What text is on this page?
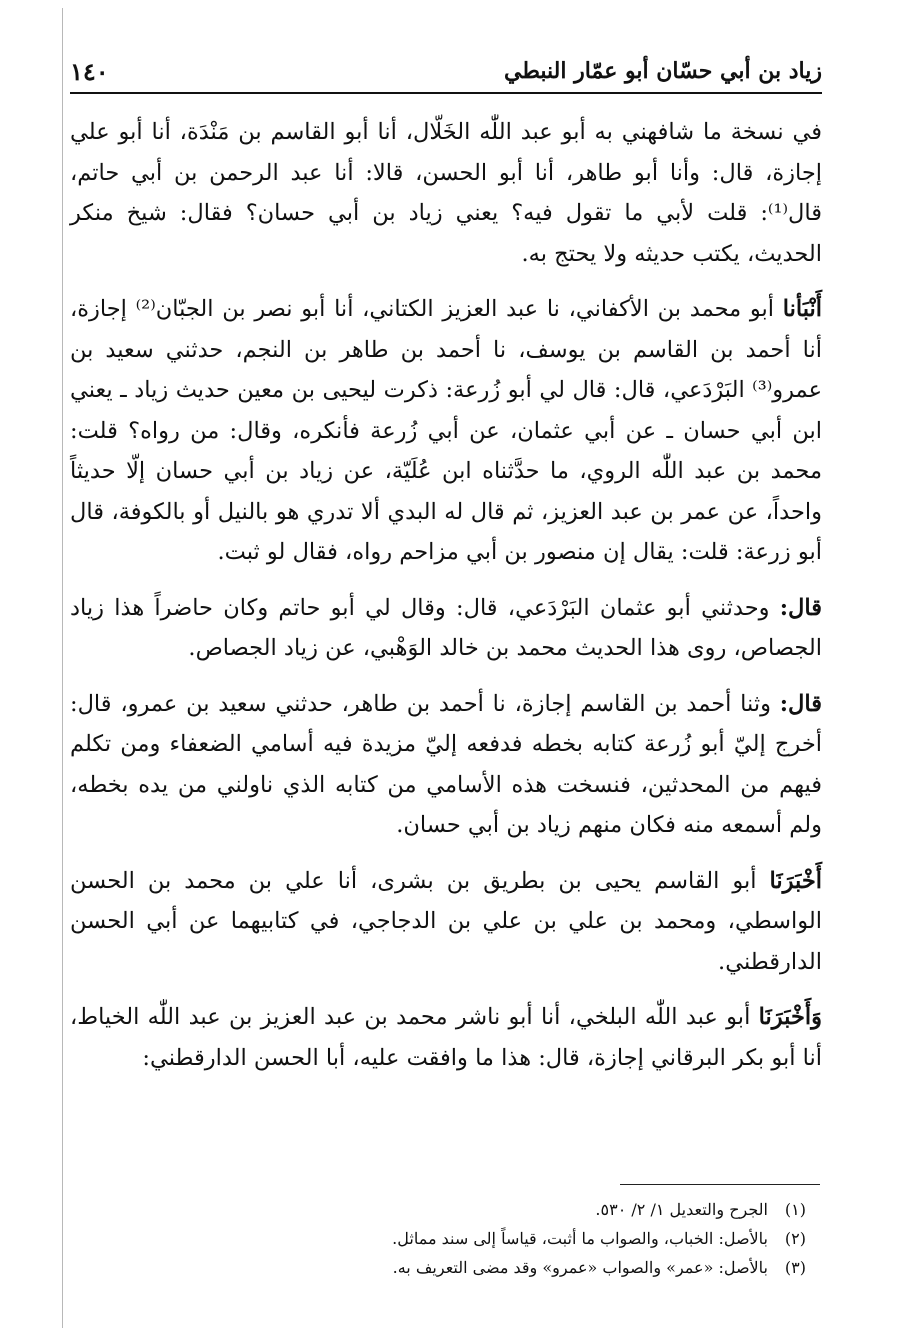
١٤٠	زياد بن أبي حسّان أبو عمّار النبطي

في نسخة ما شافهني به أبو عبد اللّٰه الخَلّال، أنا أبو القاسم بن مَنْدَة، أنا أبو علي إجازة، قال: وأنا أبو طاهر، أنا أبو الحسن، قالا: أنا عبد الرحمن بن أبي حاتم، قال⁽¹⁾: قلت لأبي ما تقول فيه؟ يعني زياد بن أبي حسان؟ فقال: شيخ منكر الحديث، يكتب حديثه ولا يحتج به.

أَنْبَأنا أبو محمد بن الأكفاني، نا عبد العزيز الكتاني، أنا أبو نصر بن الجبّان⁽²⁾ إجازة، أنا أحمد بن القاسم بن يوسف، نا أحمد بن طاهر بن النجم، حدثني سعيد بن عمرو⁽³⁾ البَرْدَعي، قال: قال لي أبو زُرعة: ذكرت ليحيى بن معين حديث زياد ـ يعني ابن أبي حسان ـ عن أبي عثمان، عن أبي زُرعة فأنكره، وقال: من رواه؟ قلت: محمد بن عبد اللّٰه الروي، ما حدَّثناه ابن عُلَيّة، عن زياد بن أبي حسان إلّا حديثاً واحداً، عن عمر بن عبد العزيز، ثم قال له البدي ألا تدري هو بالنيل أو بالكوفة، قال أبو زرعة: قلت: يقال إن منصور بن أبي مزاحم رواه، فقال لو ثبت.

قال: وحدثني أبو عثمان البَرْدَعي، قال: وقال لي أبو حاتم وكان حاضراً هذا زياد الجصاص، روى هذا الحديث محمد بن خالد الوَهْبي، عن زياد الجصاص.

قال: وثنا أحمد بن القاسم إجازة، نا أحمد بن طاهر، حدثني سعيد بن عمرو، قال: أخرج إليّ أبو زُرعة كتابه بخطه فدفعه إليّ مزيدة فيه أسامي الضعفاء ومن تكلم فيهم من المحدثين، فنسخت هذه الأسامي من كتابه الذي ناولني من يده بخطه، ولم أسمعه منه فكان منهم زياد بن أبي حسان.

أَخْبَرَنَا أبو القاسم يحيى بن بطريق بن بشرى، أنا علي بن محمد بن الحسن الواسطي، ومحمد بن علي بن علي بن الدجاجي، في كتابيهما عن أبي الحسن الدارقطني.

وَأَخْبَرَنَا أبو عبد اللّٰه البلخي، أنا أبو ناشر محمد بن عبد العزيز بن عبد اللّٰه الخياط، أنا أبو بكر البرقاني إجازة، قال: هذا ما وافقت عليه، أبا الحسن الدارقطني:

(١)الجرح والتعديل ١/ ٢/ ٥٣٠.

(٢)بالأصل: الخباب، والصواب ما أثبت، قياساً إلى سند مماثل.

(٣)بالأصل: «عمر» والصواب «عمرو» وقد مضى التعريف به.
